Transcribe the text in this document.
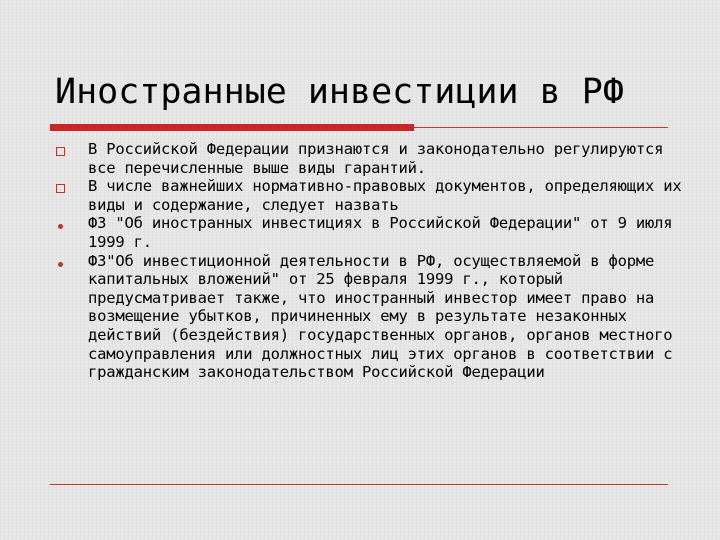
Иностранные инвестиции в РФ
В Российской Федерации признаются и законодательно регулируются все перечисленные выше виды гарантий.
В числе важнейших нормативно-правовых документов, определяющих их виды и содержание, следует назвать
ФЗ "Об иностранных инвестициях в Российской Федерации" от 9 июля 1999 г.
ФЗ"Об инвестиционной деятельности в РФ, осуществляемой в форме капитальных вложений" от 25 февраля 1999 г., который предусматривает также, что иностранный инвестор имеет право на возмещение убытков, причиненных ему в результате незаконных действий (бездействия) государственных органов, органов местного самоуправления или должностных лиц этих органов в соответствии с гражданским законодательством Российской Федерации
